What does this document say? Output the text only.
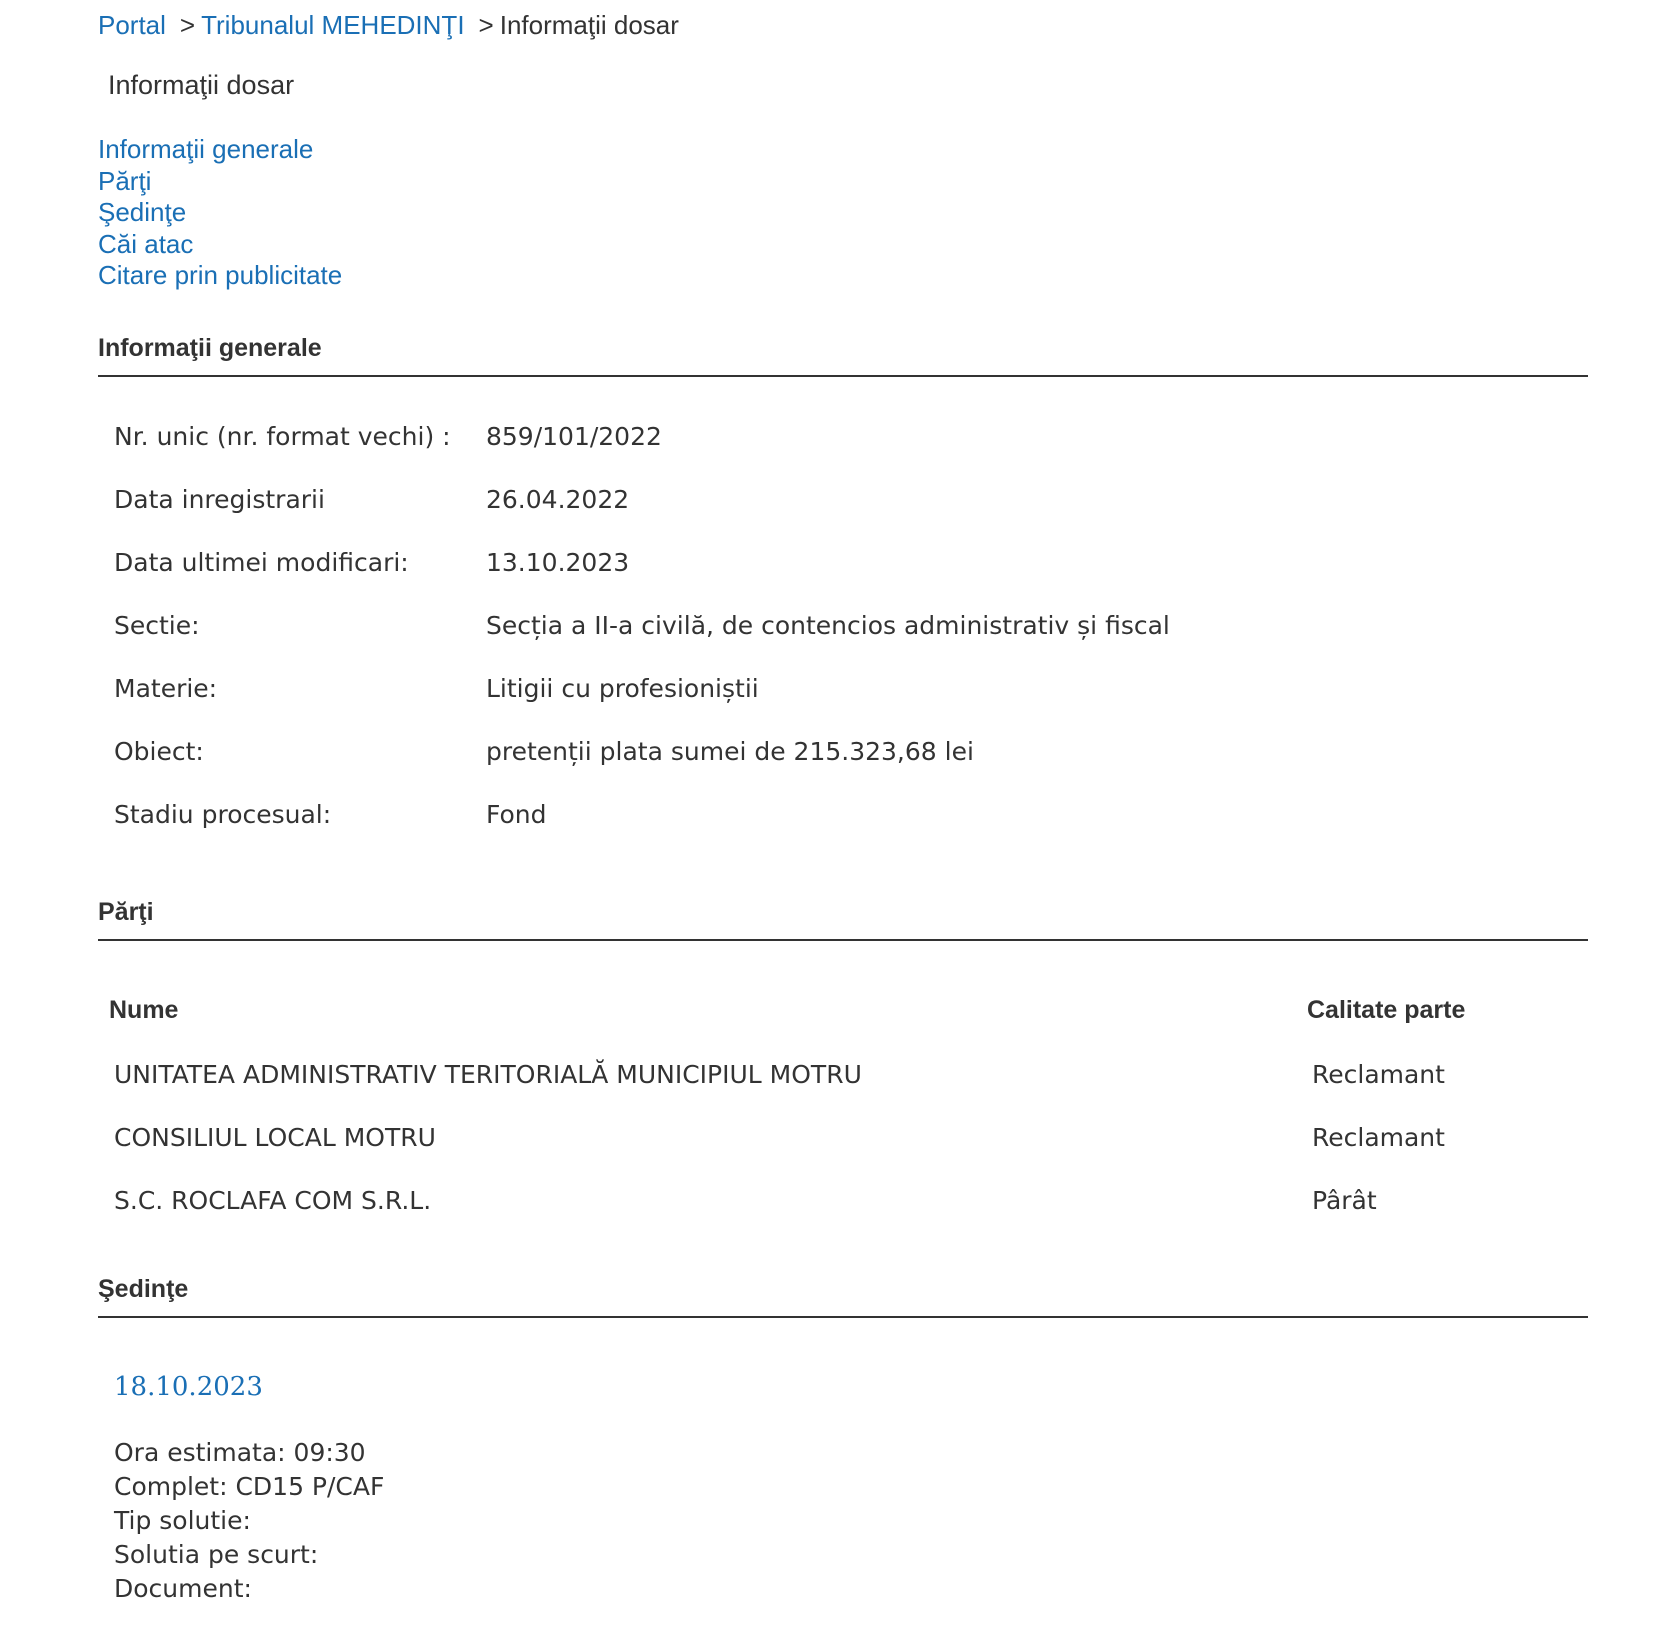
Portal > Tribunalul MEHEDINŢI > Informaţii dosar
Informaţii dosar
Informaţii generale
Părţi
Şedinţe
Căi atac
Citare prin publicitate
Informaţii generale
Nr. unic (nr. format vechi) : 859/101/2022
Data inregistrarii	26.04.2022
Data ultimei modificari:	13.10.2023
Sectie:	Secția a II-a civilă, de contencios administrativ și fiscal
Materie:	Litigii cu profesioniștii
Obiect:	pretenții plata sumei de 215.323,68 lei
Stadiu procesual:	Fond
Părţi
Nume	Calitate parte
UNITATEA ADMINISTRATIV TERITORIALĂ MUNICIPIUL MOTRU	Reclamant
CONSILIUL LOCAL MOTRU	Reclamant
S.C. ROCLAFA COM S.R.L.	Pârât
Şedinţe
18.10.2023
Ora estimata: 09:30
Complet: CD15 P/CAF
Tip solutie:
Solutia pe scurt:
Document:
